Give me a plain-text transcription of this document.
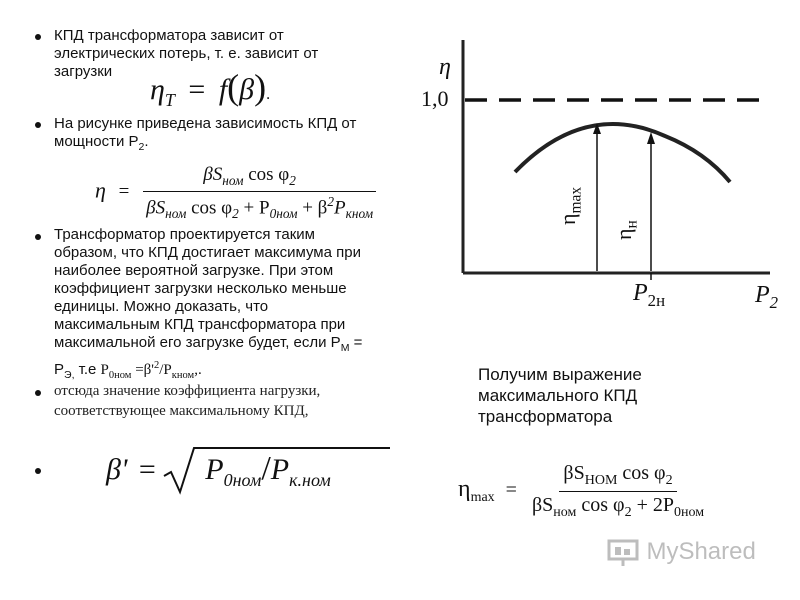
КПД трансформатора зависит от
электрических потерь, т. е. зависит от
загрузки
$\eta_T = f(\beta)$.
На рисунке приведена зависимость КПД от
мощности $P_2$.
$\eta = \frac{\beta S_{ном} \cos \varphi_2}{\beta S_{ном} \cos \varphi_2 + P_{0ном} + \beta^2P_{кном}}$
Трансформатор проектируется таким
образом, что КПД достигает максимума при
наиболее вероятной загрузке. При этом
коэффициент загрузки несколько меньше
единицы. Можно доказать, что
максимальным КПД трансформатора при
максимальной его загрузке будет, если $Р_М$ =
$Р_{Э,}$ т.е $Р_{0ном} =\beta'^2/Р_{кном}$,.
отсюда значение коэффициента нагрузки,
соответствующее максимальному КПД,
$\beta' = P_{0ном}/P_{к.ном}$
η
1,0
$P_2$
$P_{2н}$
$\eta_{max}$
$\eta_н$
Получим выражение
максимального КПД
трансформатора
$\eta_{max} = \frac{\beta S_{НОМ} \cos \varphi_2}{\beta S_{ном} \cos \varphi_2 + 2P_{0ном}}$
MyShared
